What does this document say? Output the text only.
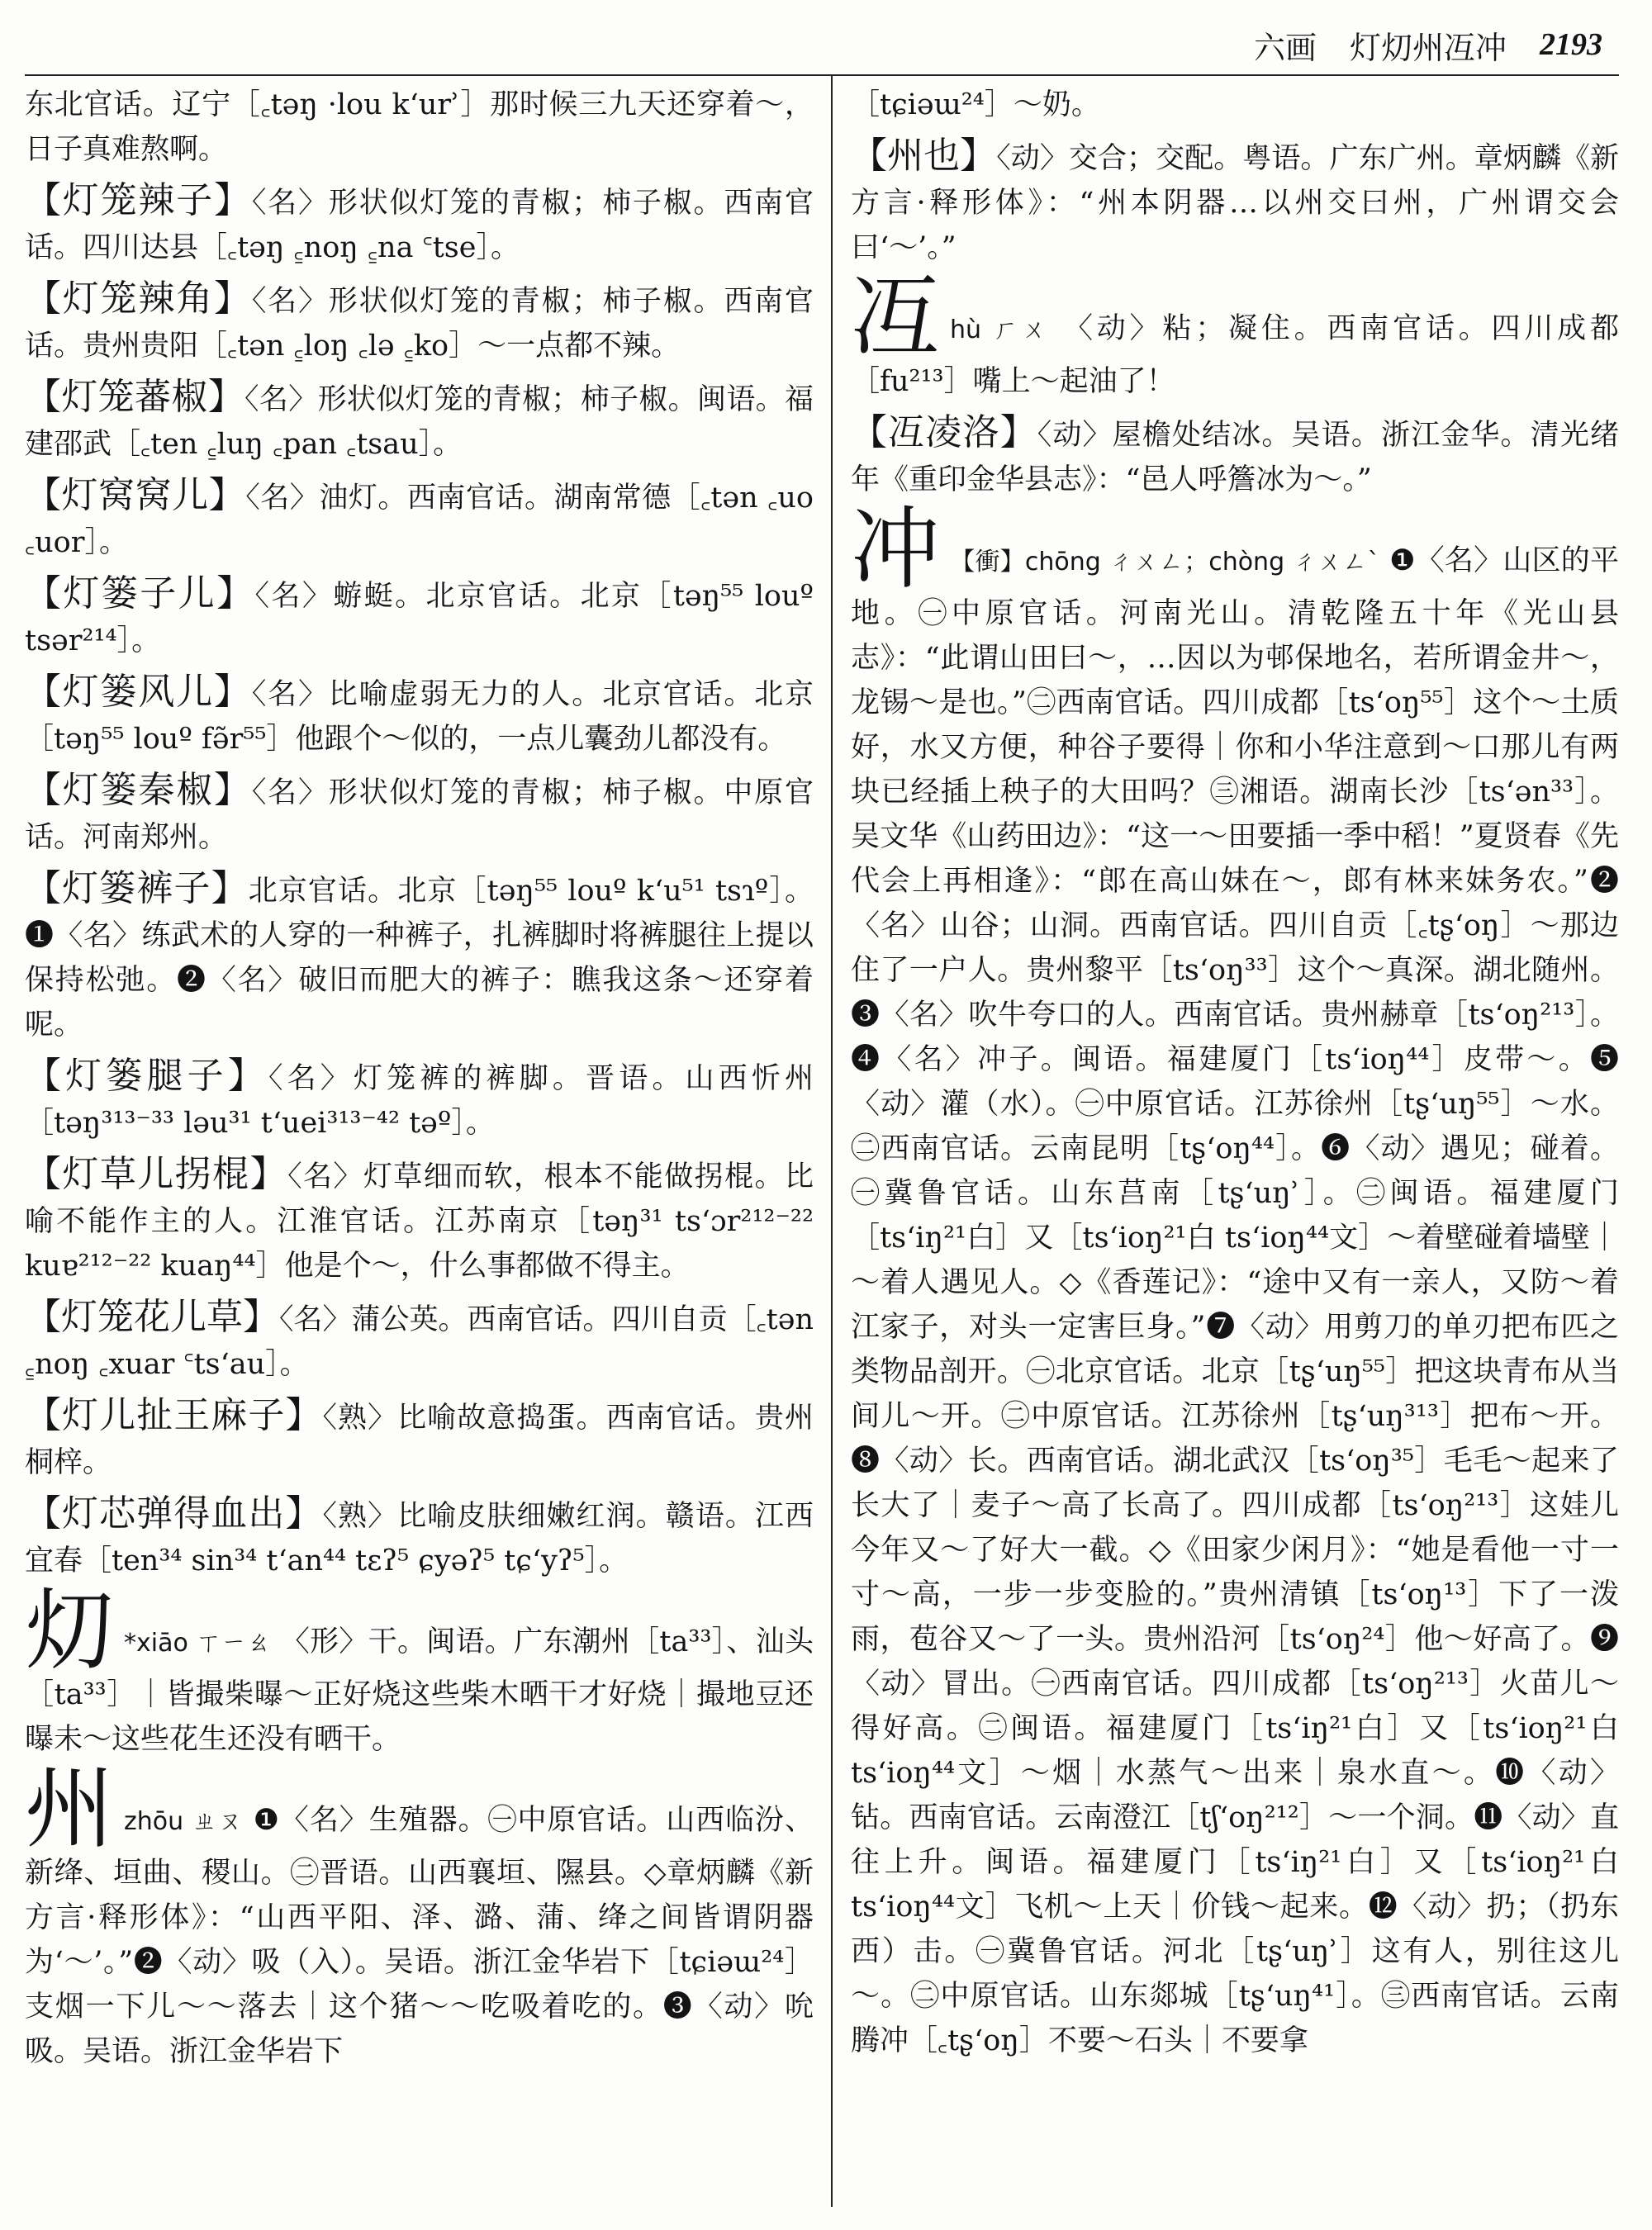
六画 灯灱州冱冲 2193

东北官话。辽宁［꜀təŋ ·lou kʻurʾ］那时候三九天还穿着～，日子真难熬啊。

【灯笼辣子】〈名〉形状似灯笼的青椒；柿子椒。西南官话。四川达县［꜀təŋ ꜁noŋ ꜁na ꜂tse］。

【灯笼辣角】〈名〉形状似灯笼的青椒；柿子椒。西南官话。贵州贵阳［꜀tən ꜁loŋ ꜀lə ꜁ko］～一点都不辣。

【灯笼蕃椒】〈名〉形状似灯笼的青椒；柿子椒。闽语。福建邵武［꜀ten ꜁luŋ ꜀pan ꜀tsau］。

【灯窝窝儿】〈名〉油灯。西南官话。湖南常德［꜀tən ꜀uo ꜀uor］。

【灯篓子儿】〈名〉蝣蜓。北京官话。北京［təŋ⁵⁵ louº tsər²¹⁴］。

【灯篓风儿】〈名〉比喻虚弱无力的人。北京官话。北京［təŋ⁵⁵ louº fə̃r⁵⁵］他跟个～似的，一点儿囊劲儿都没有。

【灯篓秦椒】〈名〉形状似灯笼的青椒；柿子椒。中原官话。河南郑州。

【灯篓裤子】北京官话。北京［təŋ⁵⁵ louº kʻu⁵¹ tsɿº］。❶〈名〉练武术的人穿的一种裤子，扎裤脚时将裤腿往上提以保持松弛。❷〈名〉破旧而肥大的裤子：瞧我这条～还穿着呢。

【灯篓腿子】〈名〉灯笼裤的裤脚。晋语。山西忻州［təŋ³¹³⁻³³ ləu³¹ tʻuei³¹³⁻⁴² təº］。

【灯草儿拐棍】〈名〉灯草细而软，根本不能做拐棍。比喻不能作主的人。江淮官话。江苏南京［təŋ³¹ tsʻɔr²¹²⁻²² kuɐ²¹²⁻²² kuaŋ⁴⁴］他是个～，什么事都做不得主。

【灯笼花儿草】〈名〉蒲公英。西南官话。四川自贡［꜀tən ꜁noŋ ꜀xuar ꜂tsʻau］。

【灯儿扯王麻子】〈熟〉比喻故意捣蛋。西南官话。贵州桐梓。

【灯芯弹得血出】〈熟〉比喻皮肤细嫩红润。赣语。江西宜春［ten³⁴ sin³⁴ tʻan⁴⁴ tɛʔ⁵ ɕyəʔ⁵ tɕʻyʔ⁵］。

灱 *xiāo ㄒㄧㄠ 〈形〉干。闽语。广东潮州［ta³³］、汕头［ta³³］｜皆撮柴曝～正好烧这些柴木晒干才好烧｜撮地豆还曝未～这些花生还没有晒干。

州zhōu ㄓㄡ ❶〈名〉生殖器。㊀中原官话。山西临汾、新绛、垣曲、稷山。㊁晋语。山西襄垣、隰县。◇章炳麟《新方言·释形体》：“山西平阳、泽、潞、蒲、绛之间皆谓阴器为‘～’。”❷〈动〉吸（入）。吴语。浙江金华岩下［tɕiəɯ²⁴］支烟一下儿～～落去｜这个猪～～吃吸着吃的。❸〈动〉吮吸。吴语。浙江金华岩下

［tɕiəɯ²⁴］～奶。

【州也】〈动〉交合；交配。粤语。广东广州。章炳麟《新方言·释形体》：“州本阴器…以州交曰州，广州谓交会曰‘～’。”

冱hù ㄏㄨ 〈动〉粘；凝住。西南官话。四川成都［fu²¹³］嘴上～起油了！

【冱凌洛】〈动〉屋檐处结冰。吴语。浙江金华。清光绪年《重印金华县志》：“邑人呼簷冰为～。”

冲 【衝】chōng ㄔㄨㄥ；chòng ㄔㄨㄥˋ ❶〈名〉山区的平地。㊀中原官话。河南光山。清乾隆五十年《光山县志》：“此谓山田曰～，…因以为邨保地名，若所谓金井～，龙锡～是也。”㊁西南官话。四川成都［tsʻoŋ⁵⁵］这个～土质好，水又方便，种谷子要得｜你和小华注意到～口那儿有两块已经插上秧子的大田吗？㊂湘语。湖南长沙［tsʻən³³］。吴文华《山药田边》：“这一～田要插一季中稻！”夏贤春《先代会上再相逢》：“郎在高山妹在～，郎有林来妹务农。”❷〈名〉山谷；山洞。西南官话。四川自贡［꜀tʂʻoŋ］～那边住了一户人。贵州黎平［tsʻoŋ³³］这个～真深。湖北随州。❸〈名〉吹牛夸口的人。西南官话。贵州赫章［tsʻoŋ²¹³］。❹〈名〉冲子。闽语。福建厦门［tsʻioŋ⁴⁴］皮带～。❺〈动〉灌（水）。㊀中原官话。江苏徐州［tʂʻuŋ⁵⁵］～水。㊁西南官话。云南昆明［tʂʻoŋ⁴⁴］。❻〈动〉遇见；碰着。㊀冀鲁官话。山东莒南［tʂʻuŋʾ］。㊁闽语。福建厦门［tsʻiŋ²¹白］又［tsʻioŋ²¹白 tsʻioŋ⁴⁴文］～着壁碰着墙壁｜～着人遇见人。◇《香莲记》：“途中又有一亲人，又防～着江家子，对头一定害巨身。”❼〈动〉用剪刀的单刃把布匹之类物品剖开。㊀北京官话。北京［tʂʻuŋ⁵⁵］把这块青布从当间儿～开。㊁中原官话。江苏徐州［tʂʻuŋ³¹³］把布～开。❽〈动〉长。西南官话。湖北武汉［tsʻoŋ³⁵］毛毛～起来了长大了｜麦子～高了长高了。四川成都［tsʻoŋ²¹³］这娃儿今年又～了好大一截。◇《田家少闲月》：“她是看他一寸一寸～高，一步一步变脸的。”贵州清镇［tsʻoŋ¹³］下了一泼雨，苞谷又～了一头。贵州沿河［tsʻoŋ²⁴］他～好高了。❾〈动〉冒出。㊀西南官话。四川成都［tsʻoŋ²¹³］火苗儿～得好高。㊁闽语。福建厦门［tsʻiŋ²¹白］又［tsʻioŋ²¹白 tsʻioŋ⁴⁴文］～烟｜水蒸气～出来｜泉水直～。❿〈动〉钻。西南官话。云南澄江［tʃʻoŋ²¹²］～一个洞。⓫〈动〉直往上升。闽语。福建厦门［tsʻiŋ²¹白］又［tsʻioŋ²¹白 tsʻioŋ⁴⁴文］飞机～上天｜价钱～起来。⓬〈动〉扔；（扔东西）击。㊀冀鲁官话。河北［tʂʻuŋʾ］这有人，别往这儿～。㊁中原官话。山东郯城［tʂʻuŋ⁴¹］。㊂西南官话。云南腾冲［꜀tʂʻoŋ］不要～石头｜不要拿
